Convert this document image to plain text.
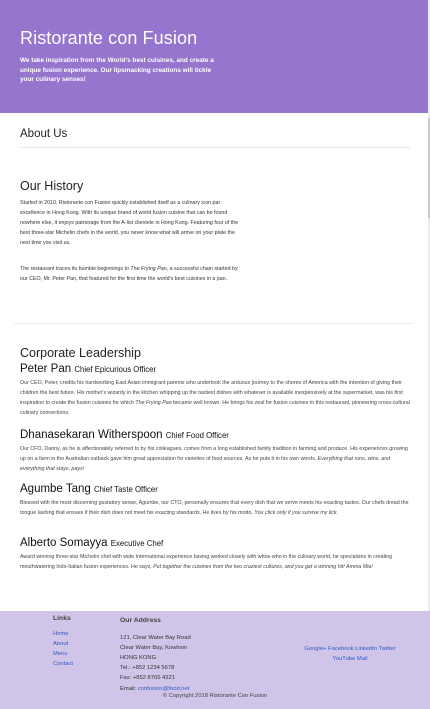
Ristorante con Fusion

We take inspiration from the World's best cuisines, and create a unique fusion experience. Our lipsmacking creations will tickle your culinary senses!

About Us
Our History

Started in 2010, Ristorante con Fusion quickly established itself as a culinary icon par excellence in Hong Kong. With its unique brand of world fusion cuisine that can be found nowhere else, it enjoys patronage from the A-list clientele in Hong Kong. Featuring four of the best three-star Michelin chefs in the world, you never know what will arrive on your plate the next time you visit us.

The restaurant traces its humble beginnings to The Frying Pan, a successful chain started by our CEO, Mr. Peter Pan, that featured for the first time the world's best cuisines in a pan.

Corporate Leadership
Peter Pan Chief Epicurious Officer

Our CEO, Peter, credits his hardworking East Asian immigrant parents who undertook the arduous journey to the shores of America with the intention of giving their children the best future. His mother's wizardy in the kitchen whipping up the tastiest dishes with whatever is available inexpensively at the supermarket, was his first inspiration to create the fusion cuisines for which The Frying Pan became well known. He brings his zeal for fusion cuisines to this restaurant, pioneering cross-cultural culinary connections.

Dhanasekaran Witherspoon Chief Food Officer

Our CFO, Danny, as he is affectionately referred to by his colleagues, comes from a long established family tradition in farming and produce. His experiences growing up on a farm in the Australian outback gave him great appreciation for varieties of food sources. As he puts it in his own words, Everything that runs, wins, and everything that stays, pays!

Agumbe Tang Chief Taste Officer

Blessed with the most discerning gustatory sense, Agumbe, our CTO, personally ensures that every dish that we serve meets his exacting tastes. Our chefs dread the tongue lashing that ensues if their dish does not meet his exacting standards. He lives by his motto, You click only if you survive my lick.

Alberto Somayya Executive Chef

Award winning three-star Michelin chef with wide International experience having worked closely with whos-who in the culinary world, he specializes in creating mouthwatering Indo-Italian fusion experiences. He says, Put together the cuisines from the two craziest cultures, and you get a winning hit! Amma Mia!

Links
Home
About
Menu
Contact
Our Address
121, Clear Water Bay Road
Clear Water Bay, Kowloon
HONG KONG
Tel.: +852 1234 5678
Fax: +852 8765 4321
Email: confusion@food.net
Google+ Facebook LinkedIn Twitter YouTube Mail
© Copyright 2018 Ristorante Con Fusion
